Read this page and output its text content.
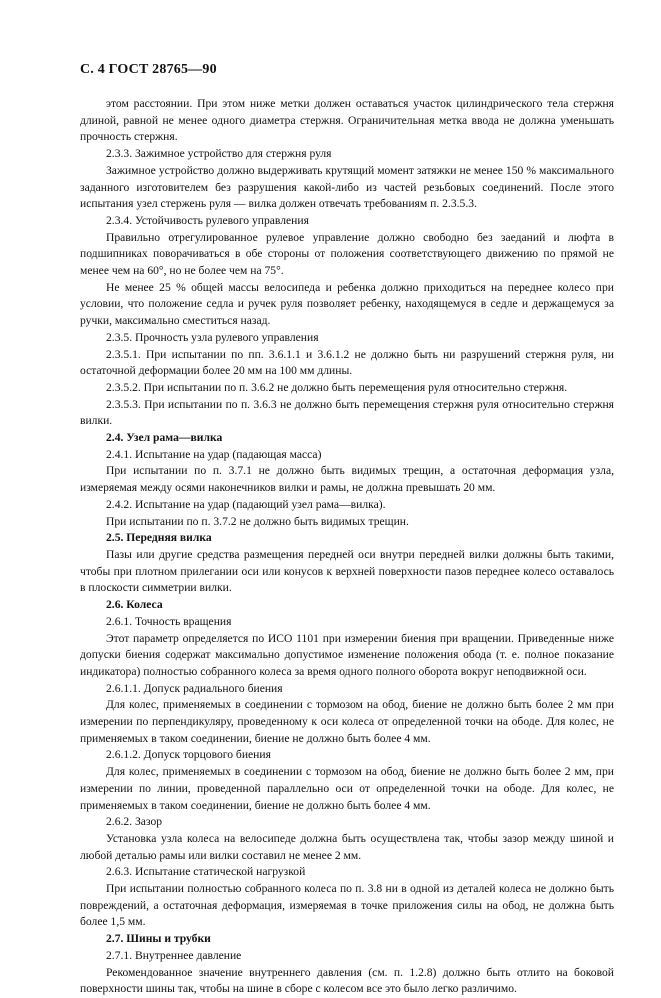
С. 4 ГОСТ 28765—90

этом расстоянии. При этом ниже метки должен оставаться участок цилиндрического тела стержня длиной, равной не менее одного диаметра стержня. Ограничительная метка ввода не должна уменьшать прочность стержня.

2.3.3. Зажимное устройство для стержня руля

Зажимное устройство должно выдерживать крутящий момент затяжки не менее 150 % максимального заданного изготовителем без разрушения какой-либо из частей резьбовых соединений. После этого испытания узел стержень руля — вилка должен отвечать требованиям п. 2.3.5.3.

2.3.4. Устойчивость рулевого управления

Правильно отрегулированное рулевое управление должно свободно без заеданий и люфта в подшипниках поворачиваться в обе стороны от положения соответствующего движению по прямой не менее чем на 60°, но не более чем на 75°.

Не менее 25 % общей массы велосипеда и ребенка должно приходиться на переднее колесо при условии, что положение седла и ручек руля позволяет ребенку, находящемуся в седле и держащемуся за ручки, максимально сместиться назад.

2.3.5. Прочность узла рулевого управления

2.3.5.1. При испытании по пп. 3.6.1.1 и 3.6.1.2 не должно быть ни разрушений стержня руля, ни остаточной деформации более 20 мм на 100 мм длины.

2.3.5.2. При испытании по п. 3.6.2 не должно быть перемещения руля относительно стержня.

2.3.5.3. При испытании по п. 3.6.3 не должно быть перемещения стержня руля относительно стержня вилки.

2.4. Узел рама—вилка

2.4.1. Испытание на удар (падающая масса)

При испытании по п. 3.7.1 не должно быть видимых трещин, а остаточная деформация узла, измеряемая между осями наконечников вилки и рамы, не должна превышать 20 мм.

2.4.2. Испытание на удар (падающий узел рама—вилка).

При испытании по п. 3.7.2 не должно быть видимых трещин.

2.5. Передняя вилка

Пазы или другие средства размещения передней оси внутри передней вилки должны быть такими, чтобы при плотном прилегании оси или конусов к верхней поверхности пазов переднее колесо оставалось в плоскости симметрии вилки.

2.6. Колеса

2.6.1. Точность вращения

Этот параметр определяется по ИСО 1101 при измерении биения при вращении. Приведенные ниже допуски биения содержат максимально допустимое изменение положения обода (т. е. полное показание индикатора) полностью собранного колеса за время одного полного оборота вокруг неподвижной оси.

2.6.1.1. Допуск радиального биения

Для колес, применяемых в соединении с тормозом на обод, биение не должно быть более 2 мм при измерении по перпендикуляру, проведенному к оси колеса от определенной точки на ободе. Для колес, не применяемых в таком соединении, биение не должно быть более 4 мм.

2.6.1.2. Допуск торцового биения

Для колес, применяемых в соединении с тормозом на обод, биение не должно быть более 2 мм, при измерении по линии, проведенной параллельно оси от определенной точки на ободе. Для колес, не применяемых в таком соединении, биение не должно быть более 4 мм.

2.6.2. Зазор

Установка узла колеса на велосипеде должна быть осуществлена так, чтобы зазор между шиной и любой деталью рамы или вилки составил не менее 2 мм.

2.6.3. Испытание статической нагрузкой

При испытании полностью собранного колеса по п. 3.8 ни в одной из деталей колеса не должно быть повреждений, а остаточная деформация, измеряемая в точке приложения силы на обод, не должна быть более 1,5 мм.

2.7. Шины и трубки

2.7.1. Внутреннее давление

Рекомендованное значение внутреннего давления (см. п. 1.2.8) должно быть отлито на боковой поверхности шины так, чтобы на шине в сборе с колесом все это было легко различимо.
